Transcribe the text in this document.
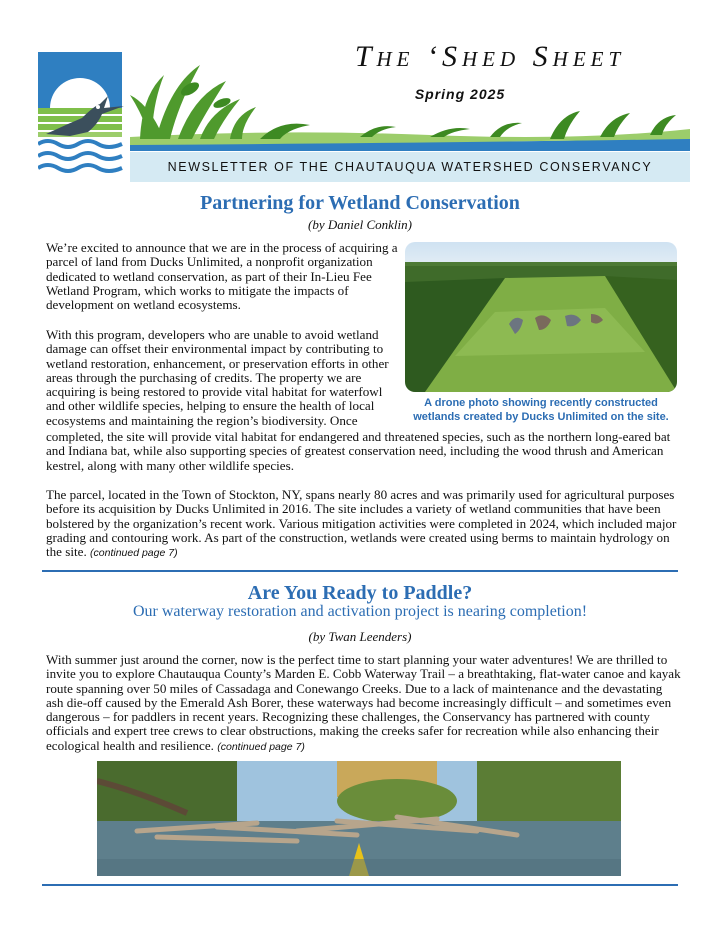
The ‘Shed Sheet
Spring 2025
NEWSLETTER OF THE CHAUTAUQUA WATERSHED CONSERVANCY
Partnering for Wetland Conservation
(by Daniel Conklin)

We’re excited to announce that we are in the process of acquiring a parcel of land from Ducks Unlimited, a nonprofit organization dedicated to wetland conservation, as part of their In-Lieu Fee Wetland Program, which works to mitigate the impacts of development on wetland ecosystems.

With this program, developers who are unable to avoid wetland damage can offset their environmental impact by contributing to wetland restoration, enhancement, or preservation efforts in other areas through the purchasing of credits. The property we are acquiring is being restored to provide vital habitat for waterfowl and other wildlife species, helping to ensure the health of local ecosystems and maintaining the region’s biodiversity. Once

completed, the site will provide vital habitat for endangered and threatened species, such as the northern long-eared bat and Indiana bat, while also supporting species of greatest conservation need, including the wood thrush and American kestrel, along with many other wildlife species.

The parcel, located in the Town of Stockton, NY, spans nearly 80 acres and was primarily used for agricultural purposes before its acquisition by Ducks Unlimited in 2016. The site includes a variety of wetland communities that have been bolstered by the organization’s recent work. Various mitigation activities were completed in 2024, which included major grading and contouring work. As part of the construction, wetlands were created using berms to maintain hydrology on the site. (continued page 7)

A drone photo showing recently constructed wetlands created by Ducks Unlimited on the site.
Are You Ready to Paddle?
Our waterway restoration and activation project is nearing completion!
(by Twan Leenders)

With summer just around the corner, now is the perfect time to start planning your water adventures! We are thrilled to invite you to explore Chautauqua County’s Marden E. Cobb Waterway Trail – a breathtaking, flat-water canoe and kayak route spanning over 50 miles of Cassadaga and Conewango Creeks. Due to a lack of maintenance and the devastating ash die-off caused by the Emerald Ash Borer, these waterways had become increasingly difficult – and sometimes even dangerous – for paddlers in recent years. Recognizing these challenges, the Conservancy has partnered with county officials and expert tree crews to clear obstructions, making the creeks safer for recreation while also enhancing their ecological health and resilience. (continued page 7)
